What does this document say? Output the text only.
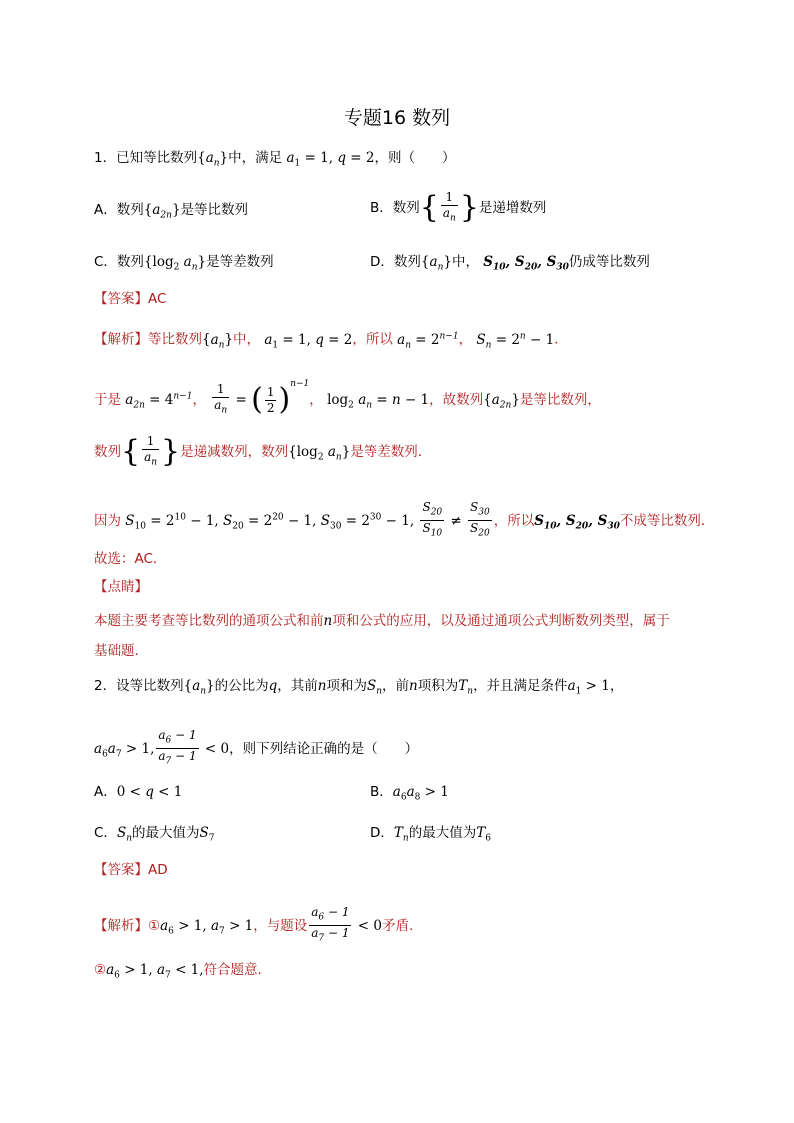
专题16 数列
1．已知等比数列$\{a_n\}$中，满足 $a_1 = 1$, q = 2，则（　　）
A．数列$\{a_{2n}\}$是等比数列	B．数列{ $\frac{1}{a_n}$ }是递增数列
C．数列{$\log_2$ $a_n$}是等差数列	D．数列$\{a_n\}$中， $S_{10}$, $S_{20}$, $S_{30}$仍成等比数列
【答案】AC
【解析】等比数列$\{a_n\}$中， $a_1 = 1$, q = 2，所以 $a_n = 2^{n-1}$， $S_n = 2^n - 1$．
于是 $a_{2n} = 4^{n-1}$， $\frac{1}{a_n}$ = ( $\frac{1}{2} )^{n-1}$， $\log_2 a_n = n - 1$，故数列$\{a_{2n}\}$是等比数列，
数列{ $\frac{1}{a_n}$ }是递减数列，数列{$\log_2$ $a_n$}是等差数列．
因为 $S_{10} = 2^{10} - 1$, $S_{20} = 2^{20} - 1$, $S_{30} = 2^{30} - 1$, $\frac{S_{20}}{S_{10}} \ne \frac{S_{30}}{S_{20}}$ ，所以$S_{10}$, $S_{20}$, $S_{30}$不成等比数列．
故选：AC．
【点睛】
本题主要考查等比数列的通项公式和前n项和公式的应用，以及通过通项公式判断数列类型，属于
基础题．
2．设等比数列$\{a_n\}$的公比为q，其前n项和为$S_n$，前n项积为$T_n$，并且满足条件$a_1 > 1$，
$a_6a_7 > 1$, $\frac{a_6 - 1}{a_7 - 1} < 0$，则下列结论正确的是（　　）
A．0 < q < 1	B．$a_6a_8 > 1$
C．$S_n$的最大值为$S_7$	D．$T_n$的最大值为$T_6$
【答案】AD
【解析】$①a_6 > 1$, $a_7 > 1$，与题设 $\frac{a_6 - 1}{a_7 - 1} < 0$矛盾.
$②a_6 > 1$, $a_7 < 1$,符合题意.
